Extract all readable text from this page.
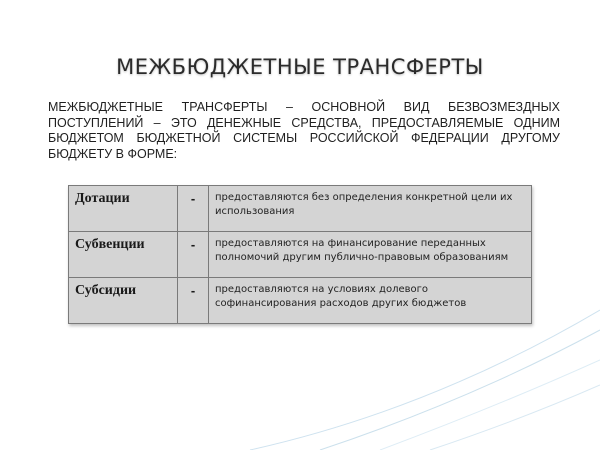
МЕЖБЮДЖЕТНЫЕ ТРАНСФЕРТЫ
МЕЖБЮДЖЕТНЫЕ ТРАНСФЕРТЫ – ОСНОВНОЙ ВИД БЕЗВОЗМЕЗДНЫХ ПОСТУПЛЕНИЙ – ЭТО ДЕНЕЖНЫЕ СРЕДСТВА, ПРЕДОСТАВЛЯЕМЫЕ ОДНИМ БЮДЖЕТОМ БЮДЖЕТНОЙ СИСТЕМЫ РОССИЙСКОЙ ФЕДЕРАЦИИ ДРУГОМУ БЮДЖЕТУ В ФОРМЕ:
Дотации	-	предоставляются без определения конкретной цели их использования
Субвенции	-	предоставляются на финансирование переданных полномочий другим публично-правовым образованиям
Субсидии	-	предоставляются на условиях долевого софинансирования расходов других бюджетов
